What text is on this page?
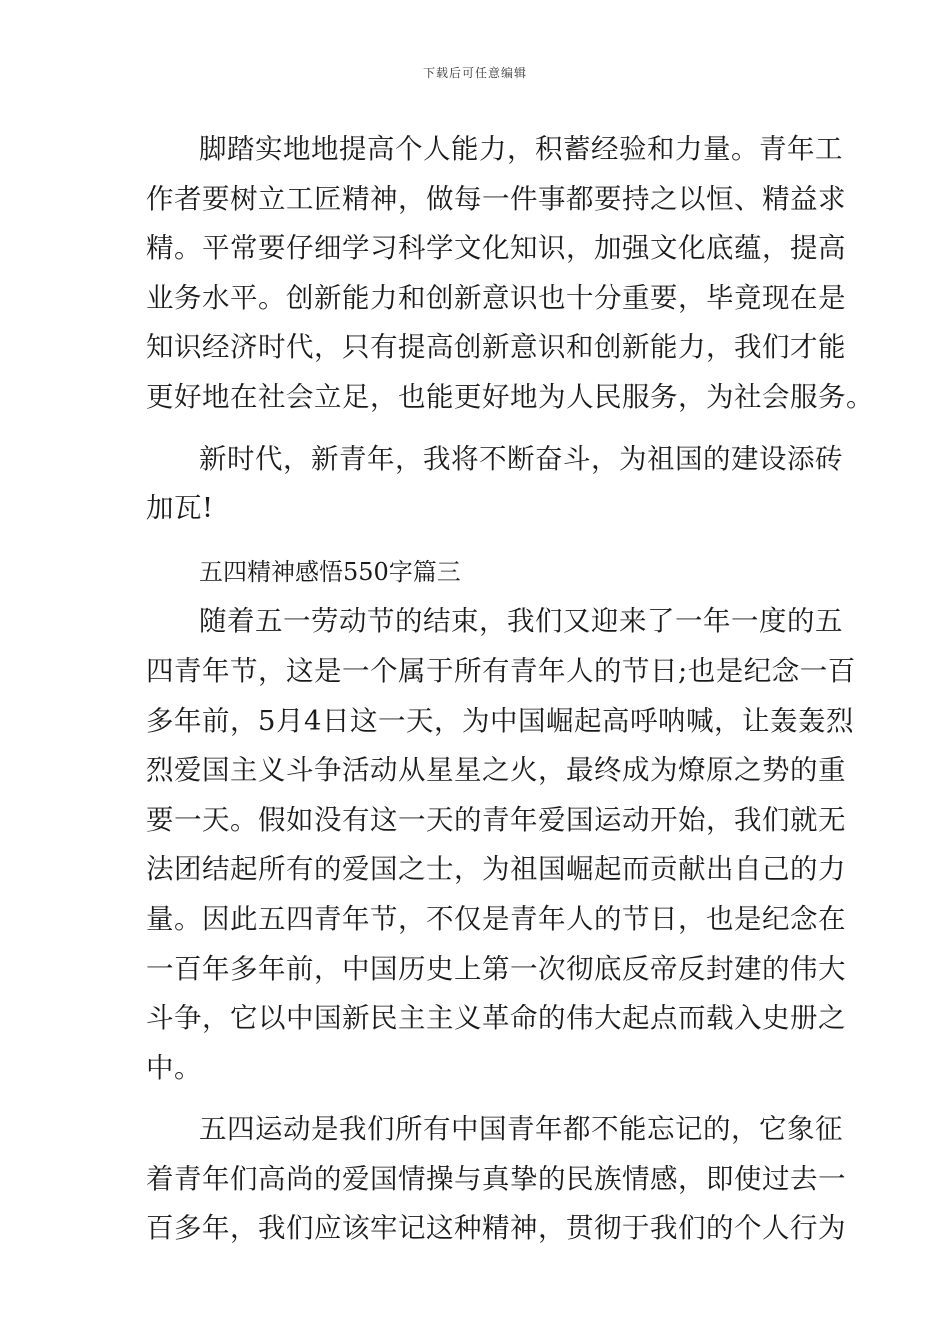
下载后可任意编辑
脚踏实地地提高个人能力，积蓄经验和力量。青年工
作者要树立工匠精神，做每一件事都要持之以恒、精益求
精。平常要仔细学习科学文化知识，加强文化底蕴，提高
业务水平。创新能力和创新意识也十分重要，毕竟现在是
知识经济时代，只有提高创新意识和创新能力，我们才能
更好地在社会立足，也能更好地为人民服务，为社会服务。
新时代，新青年，我将不断奋斗，为祖国的建设添砖
加瓦!
五四精神感悟550字篇三
随着五一劳动节的结束，我们又迎来了一年一度的五
四青年节，这是一个属于所有青年人的节日;也是纪念一百
多年前，5月4日这一天，为中国崛起高呼呐喊，让轰轰烈
烈爱国主义斗争活动从星星之火，最终成为燎原之势的重
要一天。假如没有这一天的青年爱国运动开始，我们就无
法团结起所有的爱国之士，为祖国崛起而贡献出自己的力
量。因此五四青年节，不仅是青年人的节日，也是纪念在
一百年多年前，中国历史上第一次彻底反帝反封建的伟大
斗争，它以中国新民主主义革命的伟大起点而载入史册之
中。
五四运动是我们所有中国青年都不能忘记的，它象征
着青年们高尚的爱国情操与真挚的民族情感，即使过去一
百多年，我们应该牢记这种精神，贯彻于我们的个人行为
